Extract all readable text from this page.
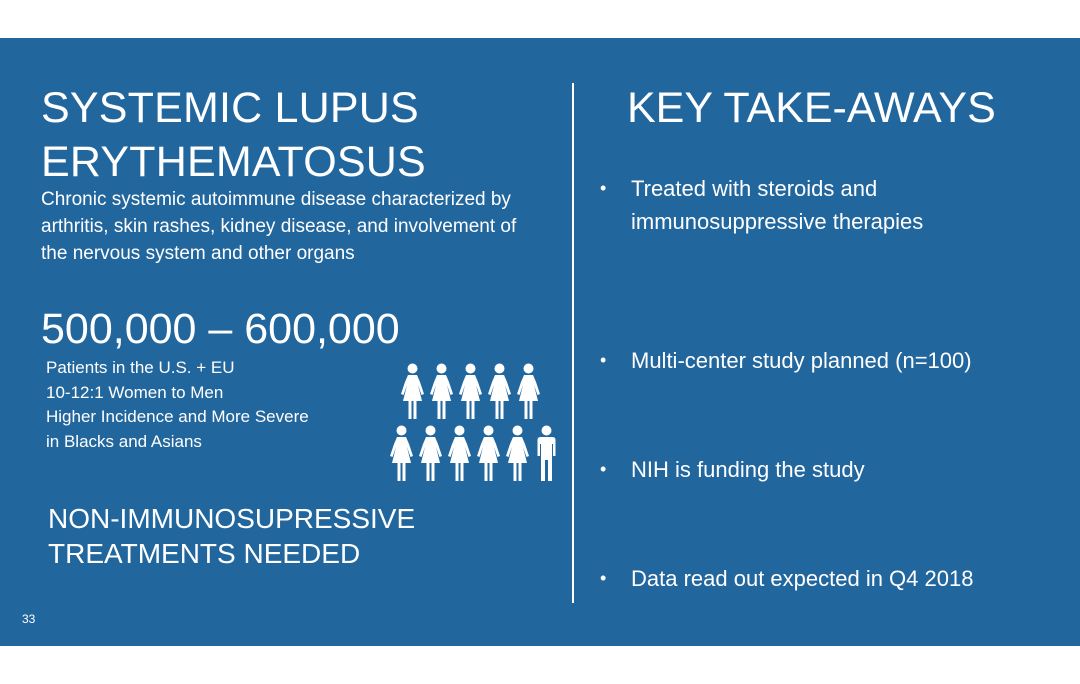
SYSTEMIC LUPUS
ERYTHEMATOSUS

Chronic systemic autoimmune disease characterized by arthritis, skin rashes, kidney disease, and involvement of the nervous system and other organs

500,000 – 600,000

Patients in the U.S. + EU
10-12:1 Women to Men
Higher Incidence and More Severe
in Blacks and Asians

NON-IMMUNOSUPRESSIVE
TREATMENTS NEEDED

KEY TAKE-AWAYS
• Treated with steroids and immunosuppressive therapies
• Multi-center study planned (n=100)
• NIH is funding the study
• Data read out expected in Q4 2018
33
